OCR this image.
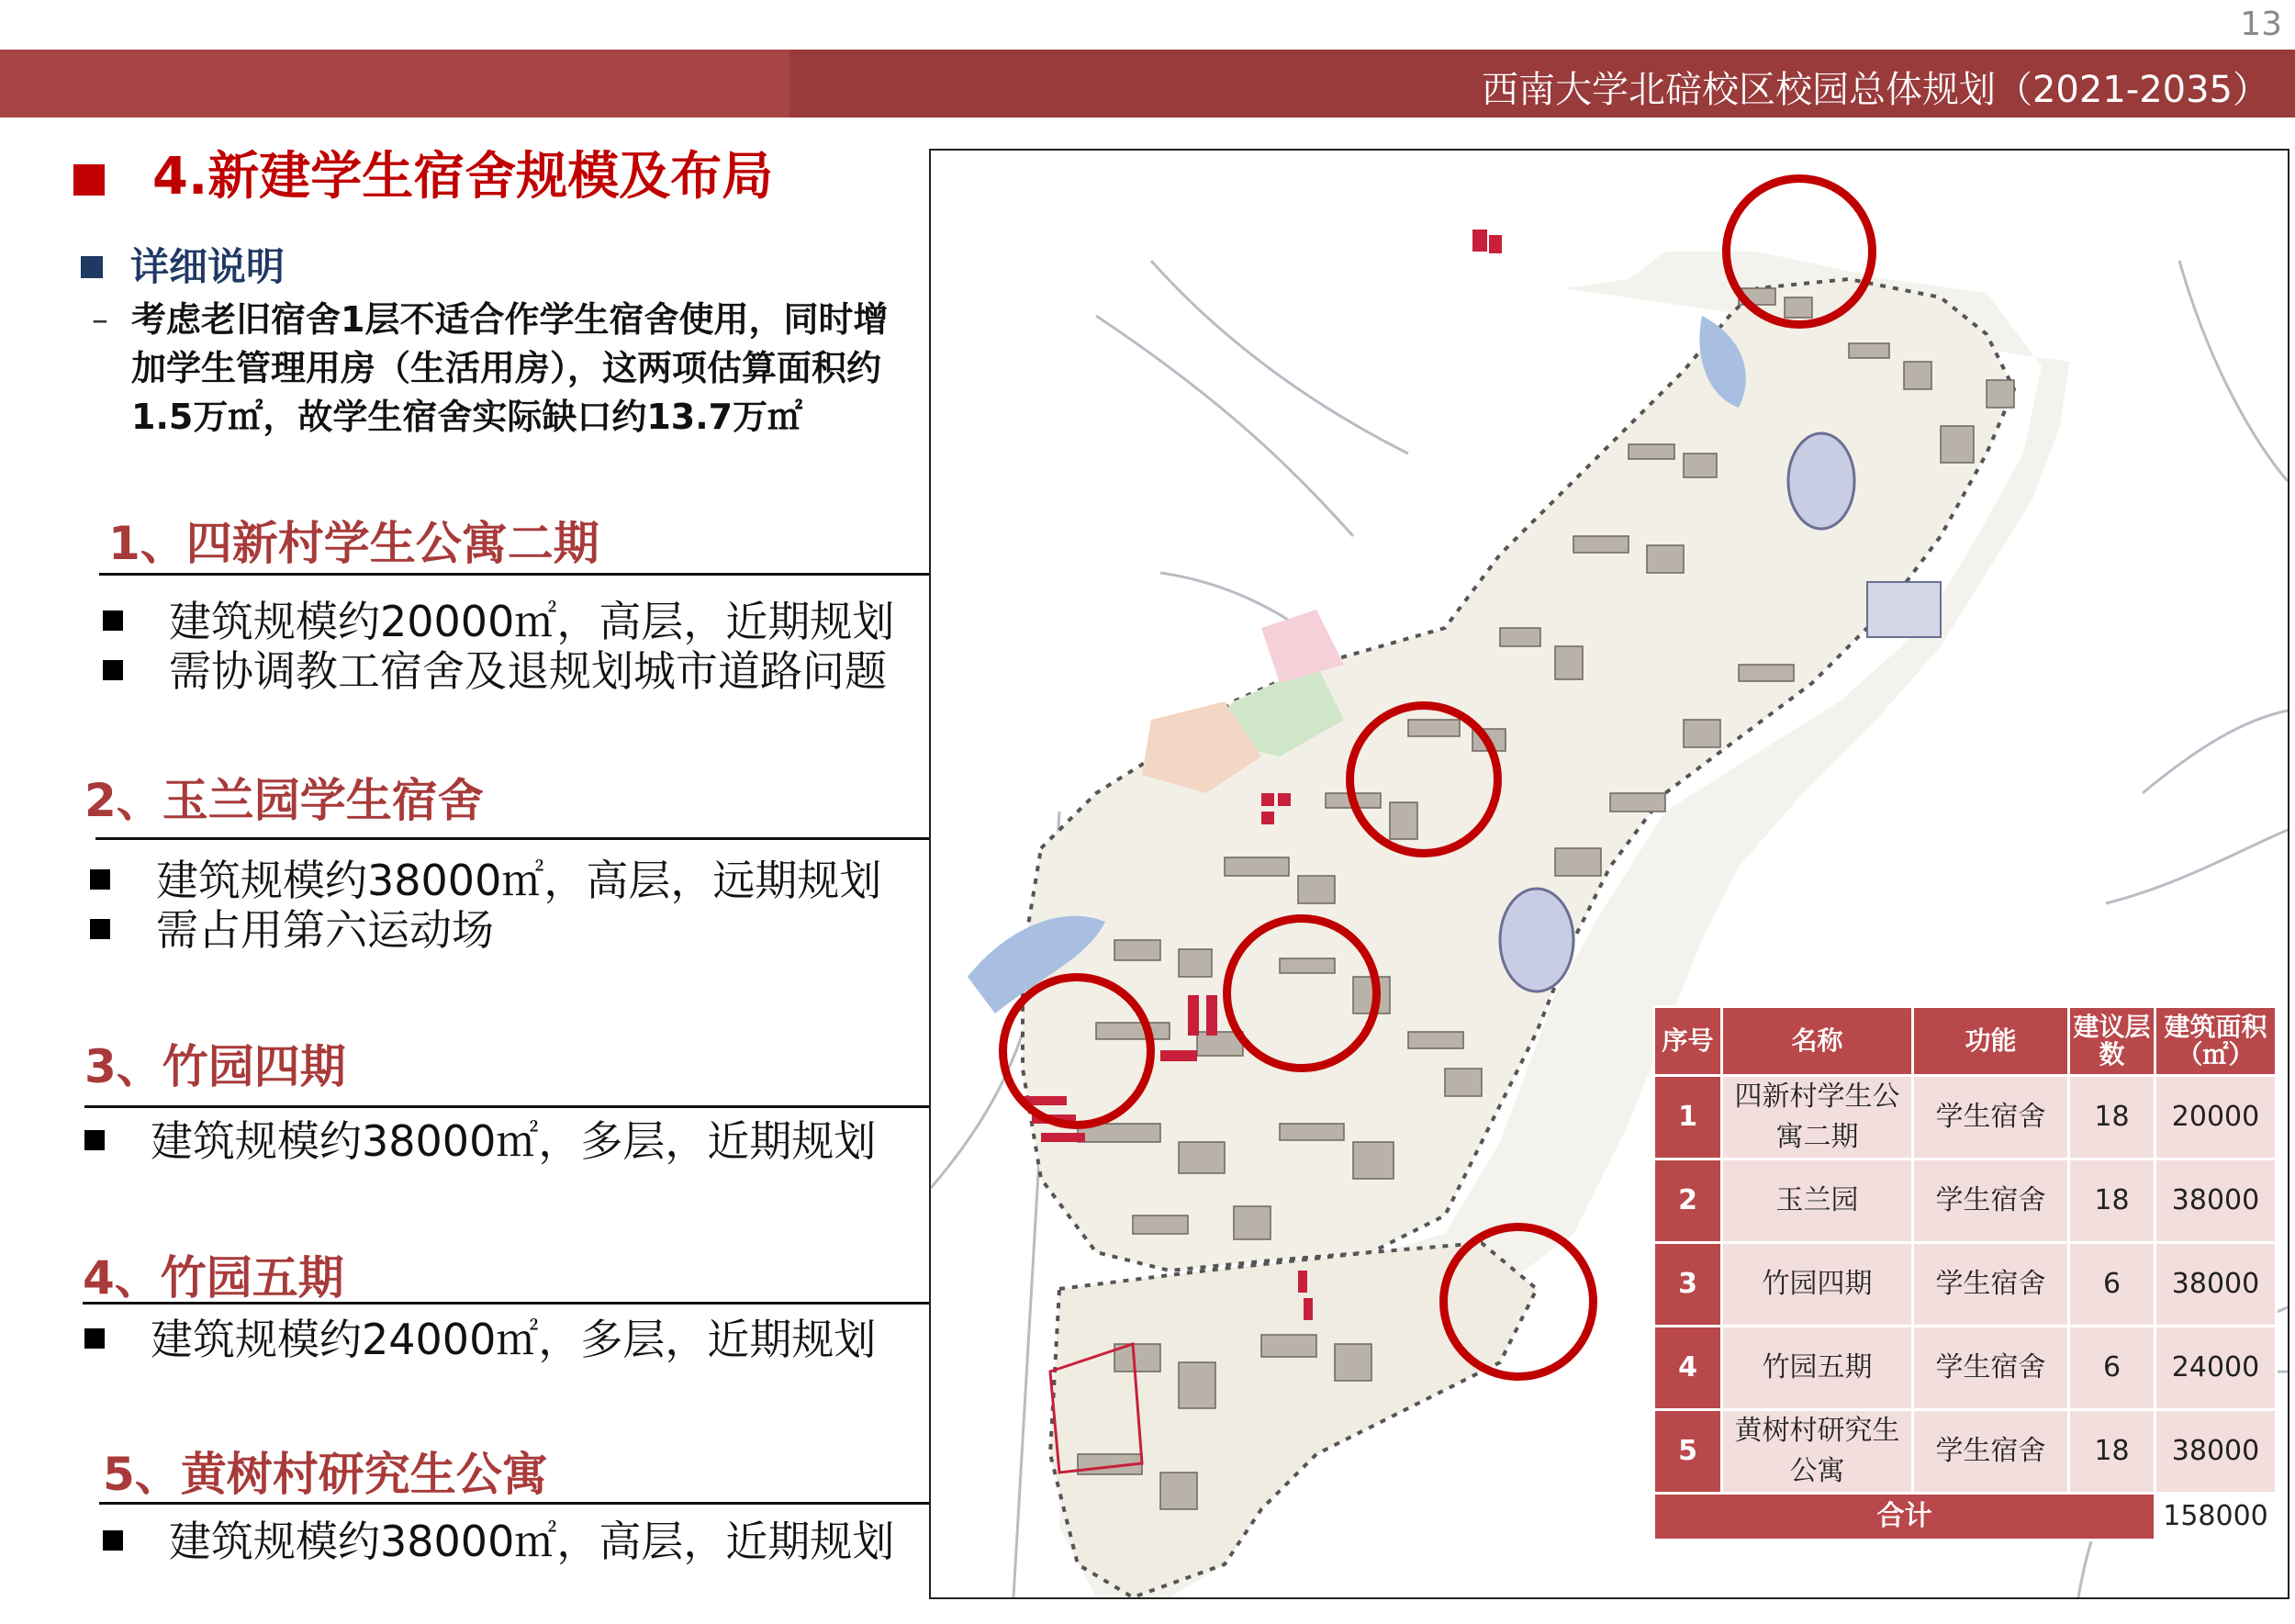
13
西南大学北碚校区校园总体规划（2021-2035）
4.新建学生宿舍规模及布局
详细说明
– 考虑老旧宿舍1层不适合作学生宿舍使用，同时增加学生管理用房（生活用房），这两项估算面积约1.5万㎡，故学生宿舍实际缺口约13.7万㎡
1、四新村学生公寓二期
建筑规模约20000㎡，高层，近期规划
需协调教工宿舍及退规划城市道路问题
2、玉兰园学生宿舍
建筑规模约38000㎡，高层，远期规划
需占用第六运动场
3、竹园四期
建筑规模约38000㎡，多层，近期规划
4、竹园五期
建筑规模约24000㎡，多层，近期规划
5、黄树村研究生公寓
建筑规模约38000㎡，高层，近期规划
序号	名称	功能	建议层数	建筑面积（㎡）
1	四新村学生公寓二期	学生宿舍	18	20000
2	玉兰园	学生宿舍	18	38000
3	竹园四期	学生宿舍	6	38000
4	竹园五期	学生宿舍	6	24000
5	黄树村研究生公寓	学生宿舍	18	38000
合计				158000
